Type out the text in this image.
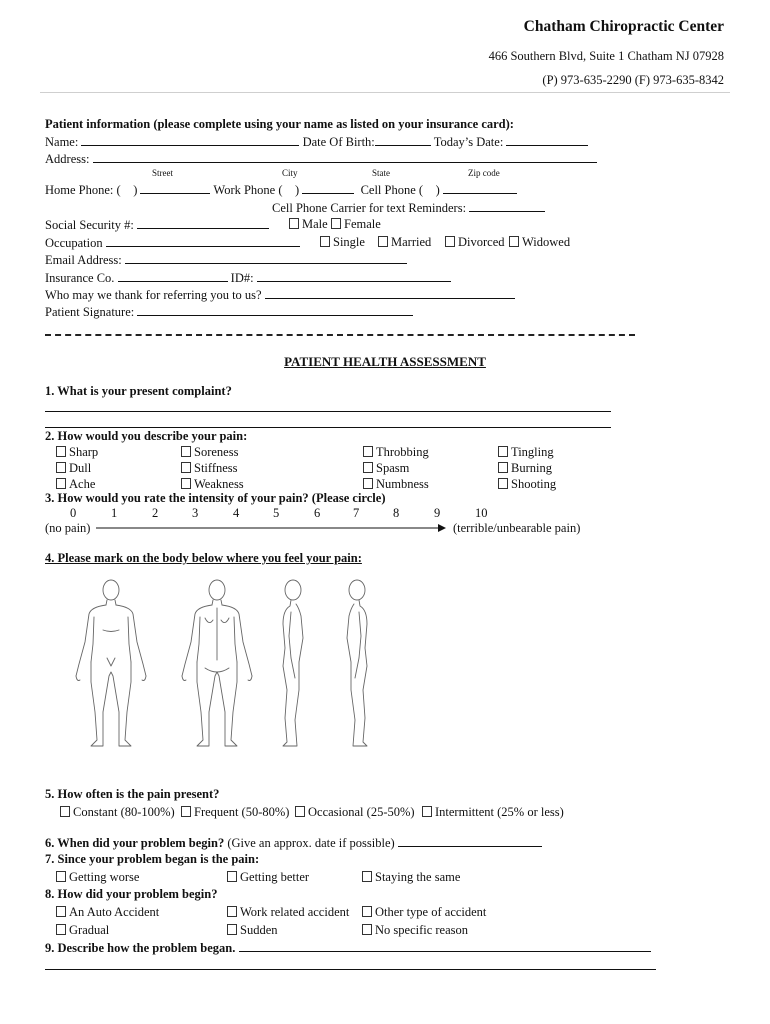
Chatham Chiropractic Center
466 Southern Blvd, Suite 1 Chatham NJ 07928
(P) 973-635-2290 (F) 973-635-8342
Patient information (please complete using your name as listed on your insurance card):
Name:	Date Of Birth:	Today’s Date:
Address:
Street	City	State	Zip code
Home Phone: ( )	Work Phone ( )	Cell Phone ( )
Cell Phone Carrier for text Reminders:
Social Security #:	Male	Female
Occupation	Single	Married	Divorced	Widowed
Email Address:
Insurance Co.	ID#:
Who may we thank for referring you to us?
Patient Signature:
PATIENT HEALTH ASSESSMENT
1. What is your present complaint?
2. How would you describe your pain:
Sharp	Soreness	Throbbing	Tingling
Dull	Stiffness	Spasm	Burning
Ache	Weakness	Numbness	Shooting
3. How would you rate the intensity of your pain? (Please circle)
0	1	2	3	4	5	6	7	8	9	10
(no pain)	(terrible/unbearable pain)
4. Please mark on the body below where you feel your pain:
5. How often is the pain present?
Constant (80-100%)	Frequent (50-80%)	Occasional (25-50%)	Intermittent (25% or less)
6. When did your problem begin? (Give an approx. date if possible)
7. Since your problem began is the pain:
Getting worse	Getting better	Staying the same
8. How did your problem begin?
An Auto Accident	Work related accident	Other type of accident
Gradual	Sudden	No specific reason
9. Describe how the problem began.
